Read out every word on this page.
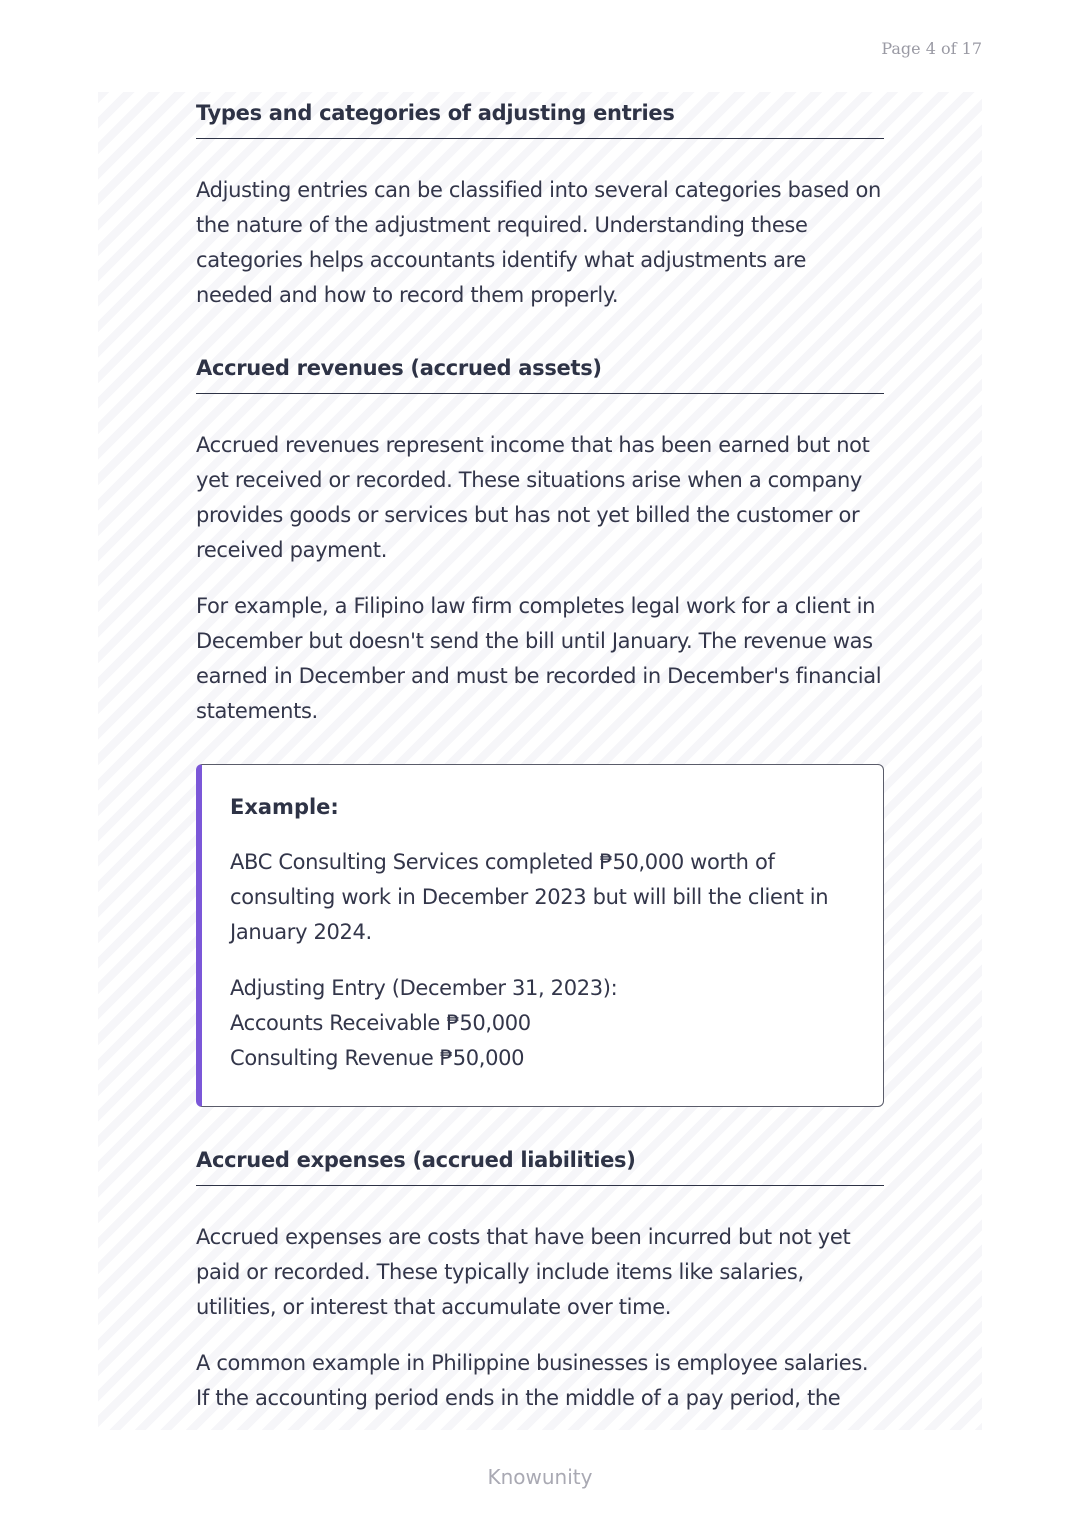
Page 4 of 17
Types and categories of adjusting entries

Adjusting entries can be classified into several categories based on the nature of the adjustment required. Understanding these categories helps accountants identify what adjustments are needed and how to record them properly.

Accrued revenues (accrued assets)

Accrued revenues represent income that has been earned but not yet received or recorded. These situations arise when a company provides goods or services but has not yet billed the customer or received payment.

For example, a Filipino law firm completes legal work for a client in December but doesn't send the bill until January. The revenue was earned in December and must be recorded in December's financial statements.

Example:

ABC Consulting Services completed ₱50,000 worth of consulting work in December 2023 but will bill the client in January 2024.

Adjusting Entry (December 31, 2023):
Accounts Receivable ₱50,000
Consulting Revenue ₱50,000
Accrued expenses (accrued liabilities)

Accrued expenses are costs that have been incurred but not yet paid or recorded. These typically include items like salaries, utilities, or interest that accumulate over time.

A common example in Philippine businesses is employee salaries. If the accounting period ends in the middle of a pay period, the

Knowunity
